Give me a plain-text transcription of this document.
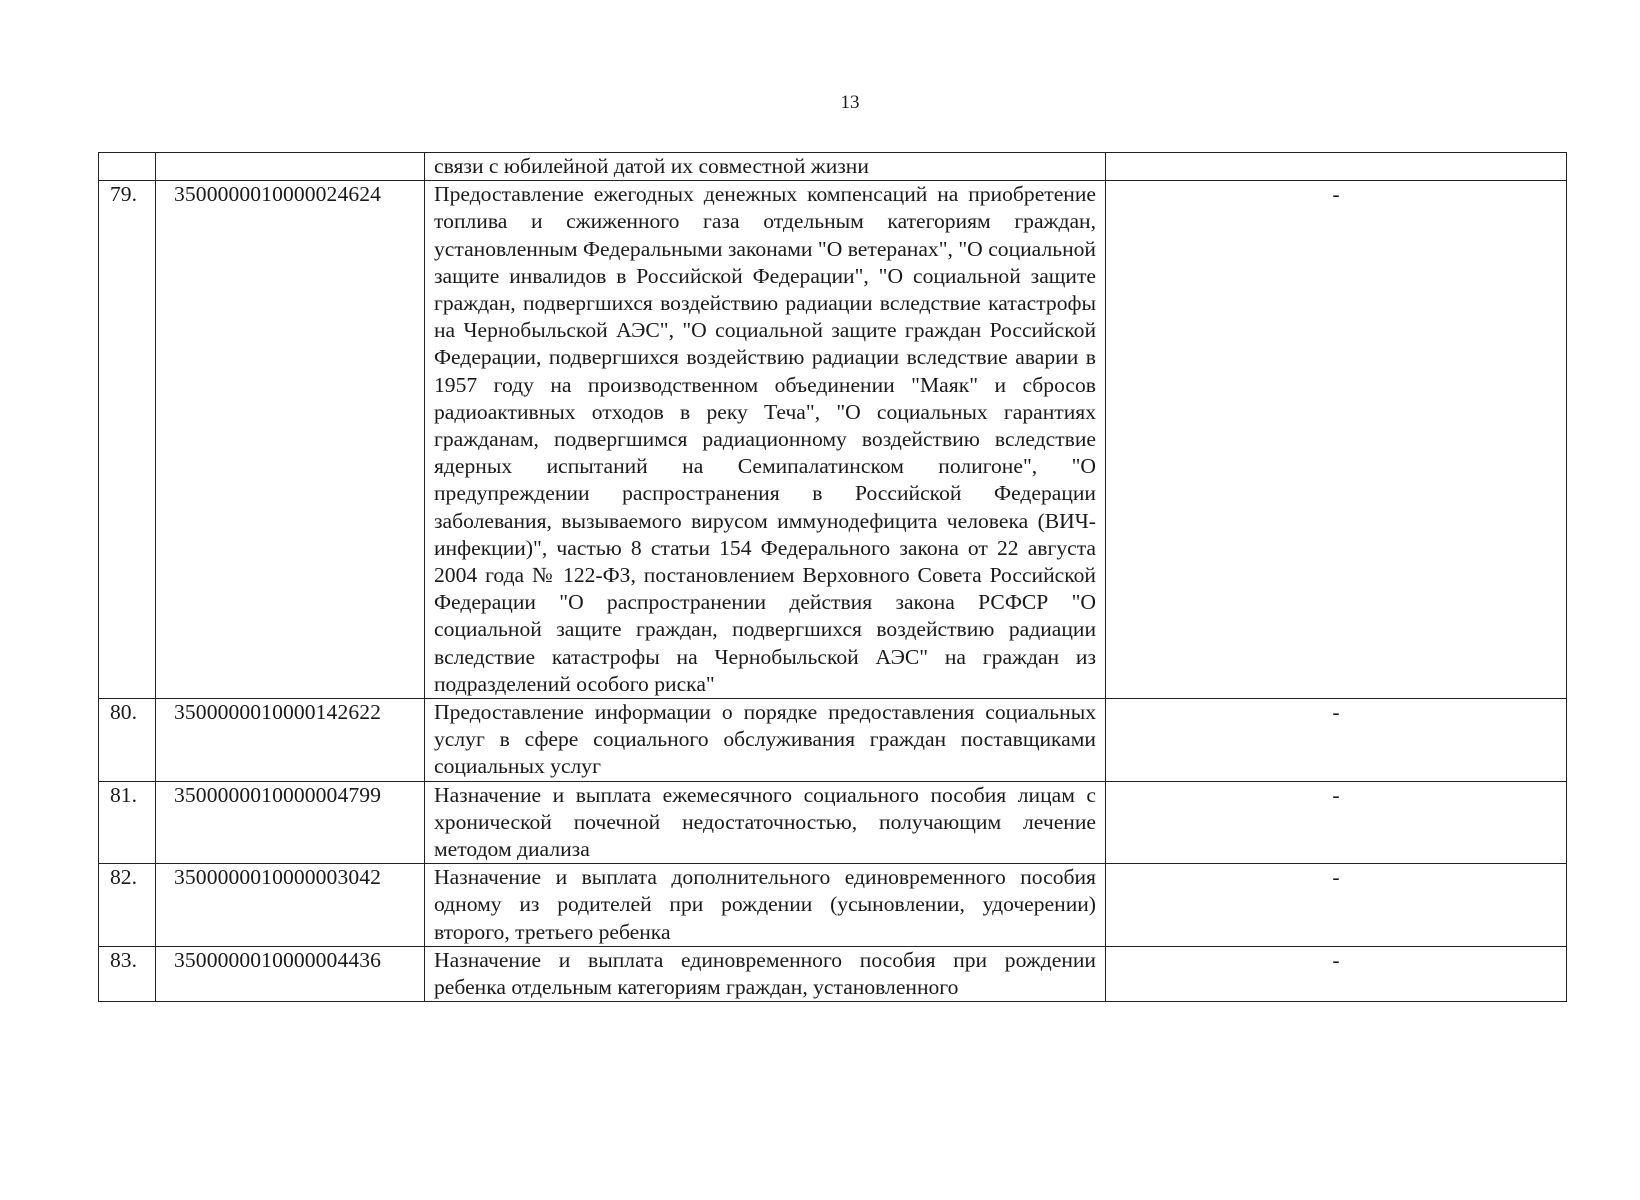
13
		связи с юбилейной датой их совместной жизни	
79.	3500000010000024624	Предоставление ежегодных денежных компенсаций на приобретение топлива и сжиженного газа отдельным категориям граждан, установленным Федеральными законами "О ветеранах", "О социальной защите инвалидов в Российской Федерации", "О социальной защите граждан, подвергшихся воздействию радиации вследствие катастрофы на Чернобыльской АЭС", "О социальной защите граждан Российской Федерации, подвергшихся воздействию радиации вследствие аварии в 1957 году на производственном объединении "Маяк" и сбросов радиоактивных отходов в реку Теча", "О социальных гарантиях гражданам, подвергшимся радиационному воздействию вследствие ядерных испытаний на Семипалатинском полигоне", "О предупреждении распространения в Российской Федерации заболевания, вызываемого вирусом иммунодефицита человека (ВИЧ-инфекции)", частью 8 статьи 154 Федерального закона от 22 августа 2004 года № 122-ФЗ, постановлением Верховного Совета Российской Федерации "О распространении действия закона РСФСР "О социальной защите граждан, подвергшихся воздействию радиации вследствие катастрофы на Чернобыльской АЭС" на граждан из подразделений особого риска"	-
80.	3500000010000142622	Предоставление информации о порядке предоставления социальных услуг в сфере социального обслуживания граждан поставщиками социальных услуг	-
81.	3500000010000004799	Назначение и выплата ежемесячного социального пособия лицам с хронической почечной недостаточностью, получающим лечение методом диализа	-
82.	3500000010000003042	Назначение и выплата дополнительного единовременного пособия одному из родителей при рождении (усыновлении, удочерении) второго, третьего ребенка	-
83.	3500000010000004436	Назначение и выплата единовременного пособия при рождении ребенка отдельным категориям граждан, установленного	-
